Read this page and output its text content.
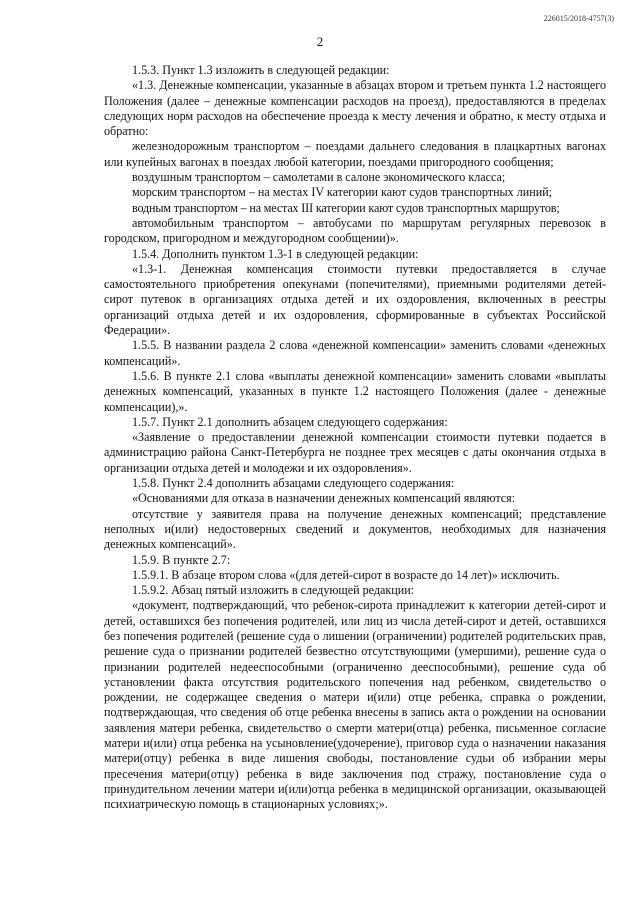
226015/2018-4757(3)
2

1.5.3. Пункт 1.3 изложить в следующей редакции:

«1.3. Денежные компенсации, указанные в абзацах втором и третьем пункта 1.2 настоящего Положения (далее – денежные компенсации расходов на проезд), предоставляются в пределах следующих норм расходов на обеспечение проезда к месту лечения и обратно, к месту отдыха и обратно:

железнодорожным транспортом – поездами дальнего следования в плацкартных вагонах или купейных вагонах в поездах любой категории, поездами пригородного сообщения;

воздушным транспортом – самолетами в салоне экономического класса;

морским транспортом – на местах IV категории кают судов транспортных линий;

водным транспортом – на местах III категории кают судов транспортных маршрутов;

автомобильным транспортом – автобусами по маршрутам регулярных перевозок в городском, пригородном и междугородном сообщении)».

1.5.4. Дополнить пунктом 1.3-1 в следующей редакции:

«1.3-1. Денежная компенсация стоимости путевки предоставляется в случае самостоятельного приобретения опекунами (попечителями), приемными родителями детей-сирот путевок в организациях отдыха детей и их оздоровления, включенных в реестры организаций отдыха детей и их оздоровления, сформированные в субъектах Российской Федерации».

1.5.5. В названии раздела 2 слова «денежной компенсации» заменить словами «денежных компенсаций».

1.5.6. В пункте 2.1 слова «выплаты денежной компенсации» заменить словами «выплаты денежных компенсаций, указанных в пункте 1.2 настоящего Положения (далее - денежные компенсации),».

1.5.7. Пункт 2.1 дополнить абзацем следующего содержания:

«Заявление о предоставлении денежной компенсации стоимости путевки подается в администрацию района Санкт-Петербурга не позднее трех месяцев с даты окончания отдыха в организации отдыха детей и молодежи и их оздоровления».

1.5.8. Пункт 2.4 дополнить абзацами следующего содержания:

«Основаниями для отказа в назначении денежных компенсаций являются:

отсутствие у заявителя права на получение денежных компенсаций; представление неполных и(или) недостоверных сведений и документов, необходимых для назначения денежных компенсаций».

1.5.9. В пункте 2.7:

1.5.9.1. В абзаце втором слова «(для детей-сирот в возрасте до 14 лет)» исключить.

1.5.9.2. Абзац пятый изложить в следующей редакции:

«документ, подтверждающий, что ребенок-сирота принадлежит к категории детей-сирот и детей, оставшихся без попечения родителей, или лиц из числа детей-сирот и детей, оставшихся без попечения родителей (решение суда о лишении (ограничении) родителей родительских прав, решение суда о признании родителей безвестно отсутствующими (умершими), решение суда о признании родителей недееспособными (ограниченно дееспособными), решение суда об установлении факта отсутствия родительского попечения над ребенком, свидетельство о рождении, не содержащее сведения о матери и(или) отце ребенка, справка о рождении, подтверждающая, что сведения об отце ребенка внесены в запись акта о рождении на основании заявления матери ребенка, свидетельство о смерти матери(отца) ребенка, письменное согласие матери и(или) отца ребенка на усыновление(удочерение), приговор суда о назначении наказания матери(отцу) ребенка в виде лишения свободы, постановление судьи об избрании меры пресечения матери(отцу) ребенка в виде заключения под стражу, постановление суда о принудительном лечении матери и(или)отца ребенка в медицинской организации, оказывающей психиатрическую помощь в стационарных условиях;».
